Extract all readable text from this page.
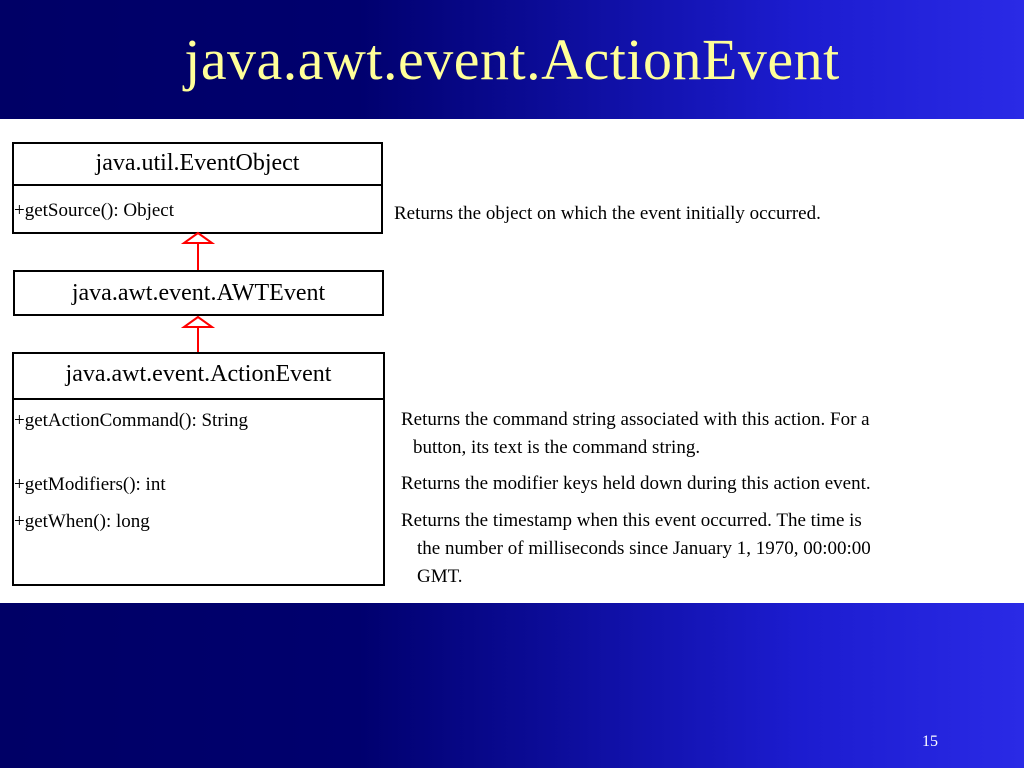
java.awt.event.ActionEvent
java.util.EventObject
+getSource(): Object
java.awt.event.AWTEvent
java.awt.event.ActionEvent
+getActionCommand(): String
+getModifiers(): int
+getWhen(): long
Returns the object on which the event initially occurred.
Returns the command string associated with this action. For a
button, its text is the command string.
Returns the modifier keys held down during this action event.
Returns the timestamp when this event occurred. The time is
the number of milliseconds since January 1, 1970, 00:00:00
GMT.
15
